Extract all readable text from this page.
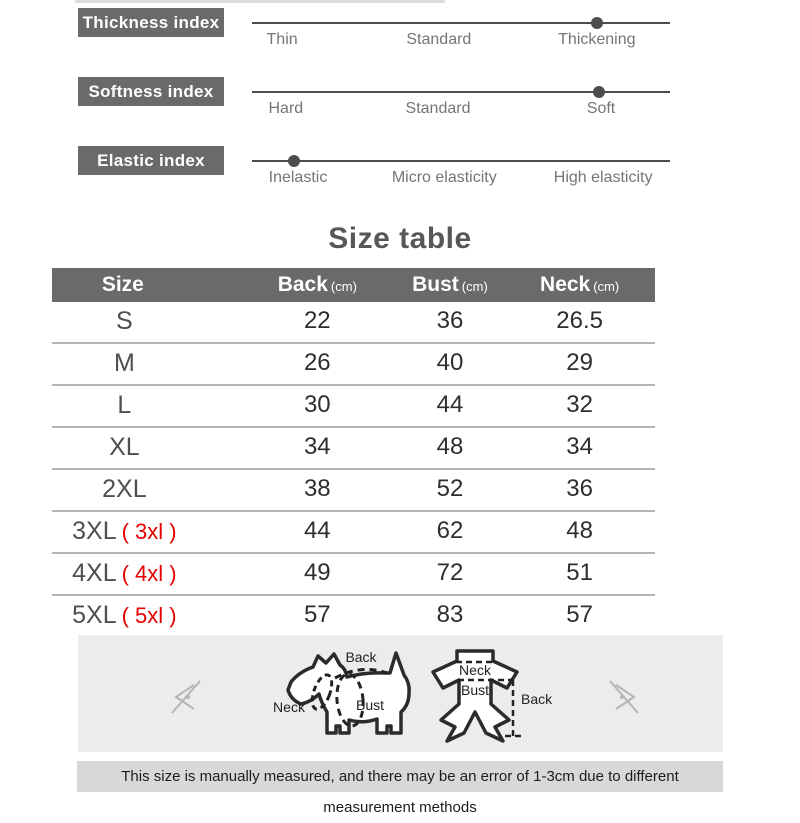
Thickness index
Thin	Standard	Thickening
Softness index
Hard	Standard	Soft
Elastic index
Inelastic	Micro elasticity	High elasticity
Size table
Size	Back (cm)	Bust (cm) Neck (cm)
S	22	36	26.5
M	26	40	29
L	30	44	32
XL	34	48	34
2XL	38	52	36
3XL ( 3xl )	44	62	48
4XL ( 4xl )	49	72	51
5XL ( 5xl )	57	83	57
Back
Bust
Neck
Neck
Bust
Back
This size is manually measured, and there may be an error of 1-3cm due to different measurement methods
